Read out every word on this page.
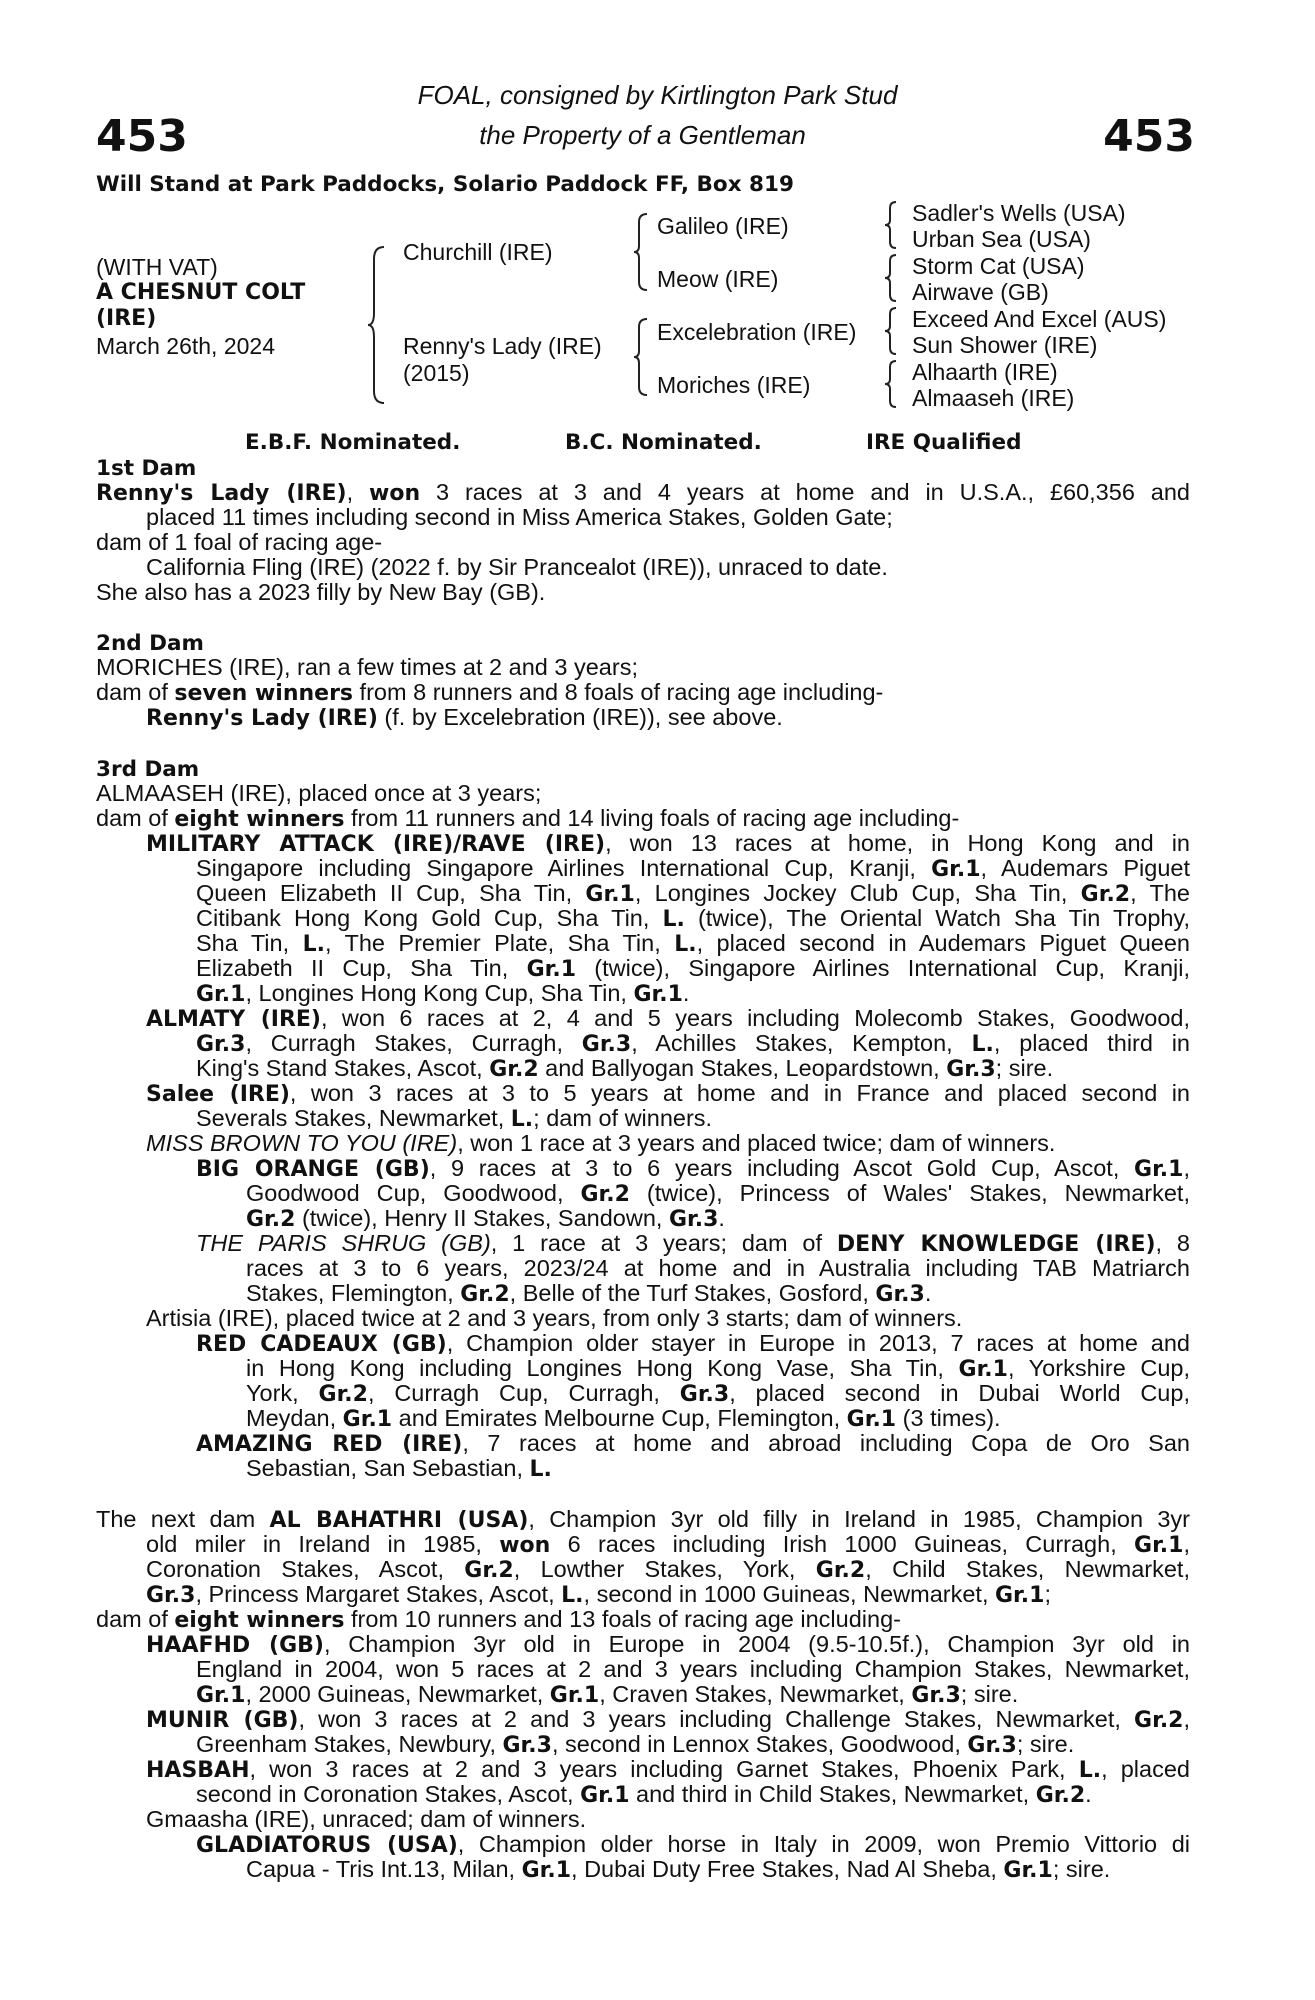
453	453
FOAL, consigned by Kirtlington Park Stud
the Property of a Gentleman
Will Stand at Park Paddocks, Solario Paddock FF, Box 819
(WITH VAT)
A CHESNUT COLT
(IRE)
March 26th, 2024
Churchill (IRE)
Renny's Lady (IRE)
(2015)
Galileo (IRE)
Meow (IRE)
Excelebration (IRE)
Moriches (IRE)
Sadler's Wells (USA)
Urban Sea (USA)
Storm Cat (USA)
Airwave (GB)
Exceed And Excel (AUS)
Sun Shower (IRE)
Alhaarth (IRE)
Almaaseh (IRE)
E.B.F. Nominated.	B.C. Nominated.	IRE Qualified
1st Dam
2nd Dam
3rd Dam
Renny's Lady (IRE), won 3 races at 3 and 4 years at home and in U.S.A., £60,356 and
placed 11 times including second in Miss America Stakes, Golden Gate;
dam of 1 foal of racing age-
California Fling (IRE) (2022 f. by Sir Prancealot (IRE)), unraced to date.
She also has a 2023 filly by New Bay (GB).
MORICHES (IRE), ran a few times at 2 and 3 years;
dam of seven winners from 8 runners and 8 foals of racing age including-
Renny's Lady (IRE) (f. by Excelebration (IRE)), see above.
ALMAASEH (IRE), placed once at 3 years;
dam of eight winners from 11 runners and 14 living foals of racing age including-
MILITARY ATTACK (IRE)/RAVE (IRE), won 13 races at home, in Hong Kong and in
Singapore including Singapore Airlines International Cup, Kranji, Gr.1, Audemars Piguet
Queen Elizabeth II Cup, Sha Tin, Gr.1, Longines Jockey Club Cup, Sha Tin, Gr.2, The
Citibank Hong Kong Gold Cup, Sha Tin, L. (twice), The Oriental Watch Sha Tin Trophy,
Sha Tin, L., The Premier Plate, Sha Tin, L., placed second in Audemars Piguet Queen
Elizabeth II Cup, Sha Tin, Gr.1 (twice), Singapore Airlines International Cup, Kranji,
Gr.1, Longines Hong Kong Cup, Sha Tin, Gr.1.
ALMATY (IRE), won 6 races at 2, 4 and 5 years including Molecomb Stakes, Goodwood,
Gr.3, Curragh Stakes, Curragh, Gr.3, Achilles Stakes, Kempton, L., placed third in
King's Stand Stakes, Ascot, Gr.2 and Ballyogan Stakes, Leopardstown, Gr.3; sire.
Salee (IRE), won 3 races at 3 to 5 years at home and in France and placed second in
Severals Stakes, Newmarket, L.; dam of winners.
MISS BROWN TO YOU (IRE), won 1 race at 3 years and placed twice; dam of winners.
BIG ORANGE (GB), 9 races at 3 to 6 years including Ascot Gold Cup, Ascot, Gr.1,
Goodwood Cup, Goodwood, Gr.2 (twice), Princess of Wales' Stakes, Newmarket,
Gr.2 (twice), Henry II Stakes, Sandown, Gr.3.
THE PARIS SHRUG (GB), 1 race at 3 years; dam of DENY KNOWLEDGE (IRE), 8
races at 3 to 6 years, 2023/24 at home and in Australia including TAB Matriarch
Stakes, Flemington, Gr.2, Belle of the Turf Stakes, Gosford, Gr.3.
Artisia (IRE), placed twice at 2 and 3 years, from only 3 starts; dam of winners.
RED CADEAUX (GB), Champion older stayer in Europe in 2013, 7 races at home and
in Hong Kong including Longines Hong Kong Vase, Sha Tin, Gr.1, Yorkshire Cup,
York, Gr.2, Curragh Cup, Curragh, Gr.3, placed second in Dubai World Cup,
Meydan, Gr.1 and Emirates Melbourne Cup, Flemington, Gr.1 (3 times).
AMAZING RED (IRE), 7 races at home and abroad including Copa de Oro San
Sebastian, San Sebastian, L.
The next dam AL BAHATHRI (USA), Champion 3yr old filly in Ireland in 1985, Champion 3yr
old miler in Ireland in 1985, won 6 races including Irish 1000 Guineas, Curragh, Gr.1,
Coronation Stakes, Ascot, Gr.2, Lowther Stakes, York, Gr.2, Child Stakes, Newmarket,
Gr.3, Princess Margaret Stakes, Ascot, L., second in 1000 Guineas, Newmarket, Gr.1;
dam of eight winners from 10 runners and 13 foals of racing age including-
HAAFHD (GB), Champion 3yr old in Europe in 2004 (9.5-10.5f.), Champion 3yr old in
England in 2004, won 5 races at 2 and 3 years including Champion Stakes, Newmarket,
Gr.1, 2000 Guineas, Newmarket, Gr.1, Craven Stakes, Newmarket, Gr.3; sire.
MUNIR (GB), won 3 races at 2 and 3 years including Challenge Stakes, Newmarket, Gr.2,
Greenham Stakes, Newbury, Gr.3, second in Lennox Stakes, Goodwood, Gr.3; sire.
HASBAH, won 3 races at 2 and 3 years including Garnet Stakes, Phoenix Park, L., placed
second in Coronation Stakes, Ascot, Gr.1 and third in Child Stakes, Newmarket, Gr.2.
Gmaasha (IRE), unraced; dam of winners.
GLADIATORUS (USA), Champion older horse in Italy in 2009, won Premio Vittorio di
Capua - Tris Int.13, Milan, Gr.1, Dubai Duty Free Stakes, Nad Al Sheba, Gr.1; sire.
